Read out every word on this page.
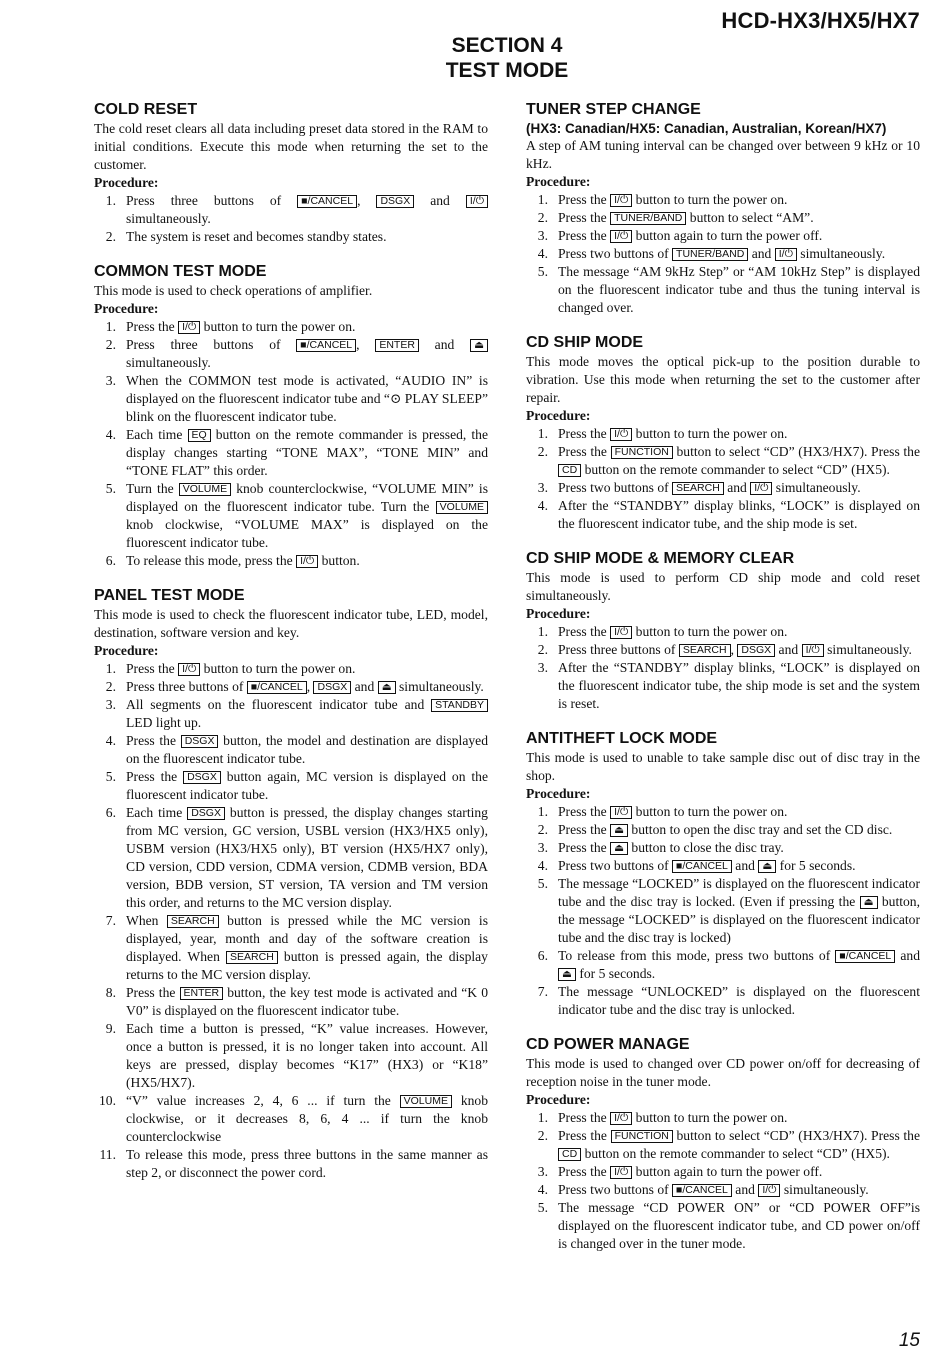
HCD-HX3/HX5/HX7
SECTION 4
TEST MODE
COLD RESET

The cold reset clears all data including preset data stored in the RAM to initial conditions. Execute this mode when returning the set to the customer.

Procedure:
1. Press three buttons of ■/CANCEL , DSGX and I/⏻ simultaneously.
2. The system is reset and becomes standby states.
COMMON TEST MODE

This mode is used to check operations of amplifier.

Procedure:
1. Press the I/⏻ button to turn the power on.
2. Press three buttons of ■/CANCEL , ENTER and ⏏ simultaneously.
3. When the COMMON test mode is activated, “AUDIO IN” is displayed on the fluorescent indicator tube and “⊙ PLAY SLEEP” blink on the fluorescent indicator tube.
4. Each time EQ button on the remote commander is pressed, the display changes starting “TONE MAX”, “TONE MIN” and “TONE FLAT” this order.
5. Turn the VOLUME knob counterclockwise, “VOLUME MIN” is displayed on the fluorescent indicator tube. Turn the VOLUME knob clockwise, “VOLUME MAX” is displayed on the fluorescent indicator tube.
6. To release this mode, press the I/⏻ button.
PANEL TEST MODE

This mode is used to check the fluorescent indicator tube, LED, model, destination, software version and key.

Procedure:
1. Press the I/⏻ button to turn the power on.
2. Press three buttons of ■/CANCEL , DSGX and ⏏ simultaneously.
3. All segments on the fluorescent indicator tube and STANDBY LED light up.
4. Press the DSGX button, the model and destination are displayed on the fluorescent indicator tube.
5. Press the DSGX button again, MC version is displayed on the fluorescent indicator tube.
6. Each time DSGX button is pressed, the display changes starting from MC version, GC version, USBL version (HX3/HX5 only), USBM version (HX3/HX5 only), BT version (HX5/HX7 only), CD version, CDD version, CDMA version, CDMB version, BDA version, BDB version, ST version, TA version and TM version this order, and returns to the MC version display.
7. When SEARCH button is pressed while the MC version is displayed, year, month and day of the software creation is displayed. When SEARCH button is pressed again, the display returns to the MC version display.
8. Press the ENTER button, the key test mode is activated and “K 0 V0” is displayed on the fluorescent indicator tube.
9. Each time a button is pressed, “K” value increases. However, once a button is pressed, it is no longer taken into account. All keys are pressed, display becomes “K17” (HX3) or “K18” (HX5/HX7).
10. “V” value increases 2, 4, 6 ... if turn the VOLUME knob clockwise, or it decreases 8, 6, 4 ... if turn the knob counterclockwise
11. To release this mode, press three buttons in the same manner as step 2, or disconnect the power cord.
TUNER STEP CHANGE
(HX3: Canadian/HX5: Canadian, Australian, Korean/HX7)

A step of AM tuning interval can be changed over between 9 kHz or 10 kHz.

Procedure:
1. Press the I/⏻ button to turn the power on.
2. Press the TUNER/BAND button to select “AM”.
3. Press the I/⏻ button again to turn the power off.
4. Press two buttons of TUNER/BAND and I/⏻ simultaneously.
5. The message “AM 9kHz Step” or “AM 10kHz Step” is displayed on the fluorescent indicator tube and thus the tuning interval is changed over.
CD SHIP MODE

This mode moves the optical pick-up to the position durable to vibration. Use this mode when returning the set to the customer after repair.

Procedure:
1. Press the I/⏻ button to turn the power on.
2. Press the FUNCTION button to select “CD” (HX3/HX7). Press the CD button on the remote commander to select “CD” (HX5).
3. Press two buttons of SEARCH and I/⏻ simultaneously.
4. After the “STANDBY” display blinks, “LOCK” is displayed on the fluorescent indicator tube, and the ship mode is set.
CD SHIP MODE & MEMORY CLEAR

This mode is used to perform CD ship mode and cold reset simultaneously.

Procedure:
1. Press the I/⏻ button to turn the power on.
2. Press three buttons of SEARCH , DSGX and I/⏻ simultaneously.
3. After the “STANDBY” display blinks, “LOCK” is displayed on the fluorescent indicator tube, the ship mode is set and the system is reset.
ANTITHEFT LOCK MODE

This mode is used to unable to take sample disc out of disc tray in the shop.

Procedure:
1. Press the I/⏻ button to turn the power on.
2. Press the ⏏ button to open the disc tray and set the CD disc.
3. Press the ⏏ button to close the disc tray.
4. Press two buttons of ■/CANCEL and ⏏ for 5 seconds.
5. The message “LOCKED” is displayed on the fluorescent indicator tube and the disc tray is locked. (Even if pressing the ⏏ button, the message “LOCKED” is displayed on the fluorescent indicator tube and the disc tray is locked)
6. To release from this mode, press two buttons of ■/CANCEL and ⏏ for 5 seconds.
7. The message “UNLOCKED” is displayed on the fluorescent indicator tube and the disc tray is unlocked.
CD POWER MANAGE

This mode is used to changed over CD power on/off for decreasing of reception noise in the tuner mode.

Procedure:
1. Press the I/⏻ button to turn the power on.
2. Press the FUNCTION button to select “CD” (HX3/HX7). Press the CD button on the remote commander to select “CD” (HX5).
3. Press the I/⏻ button again to turn the power off.
4. Press two buttons of ■/CANCEL and I/⏻ simultaneously.
5. The message “CD POWER ON” or “CD POWER OFF”is displayed on the fluorescent indicator tube, and CD power on/off is changed over in the tuner mode.
15
